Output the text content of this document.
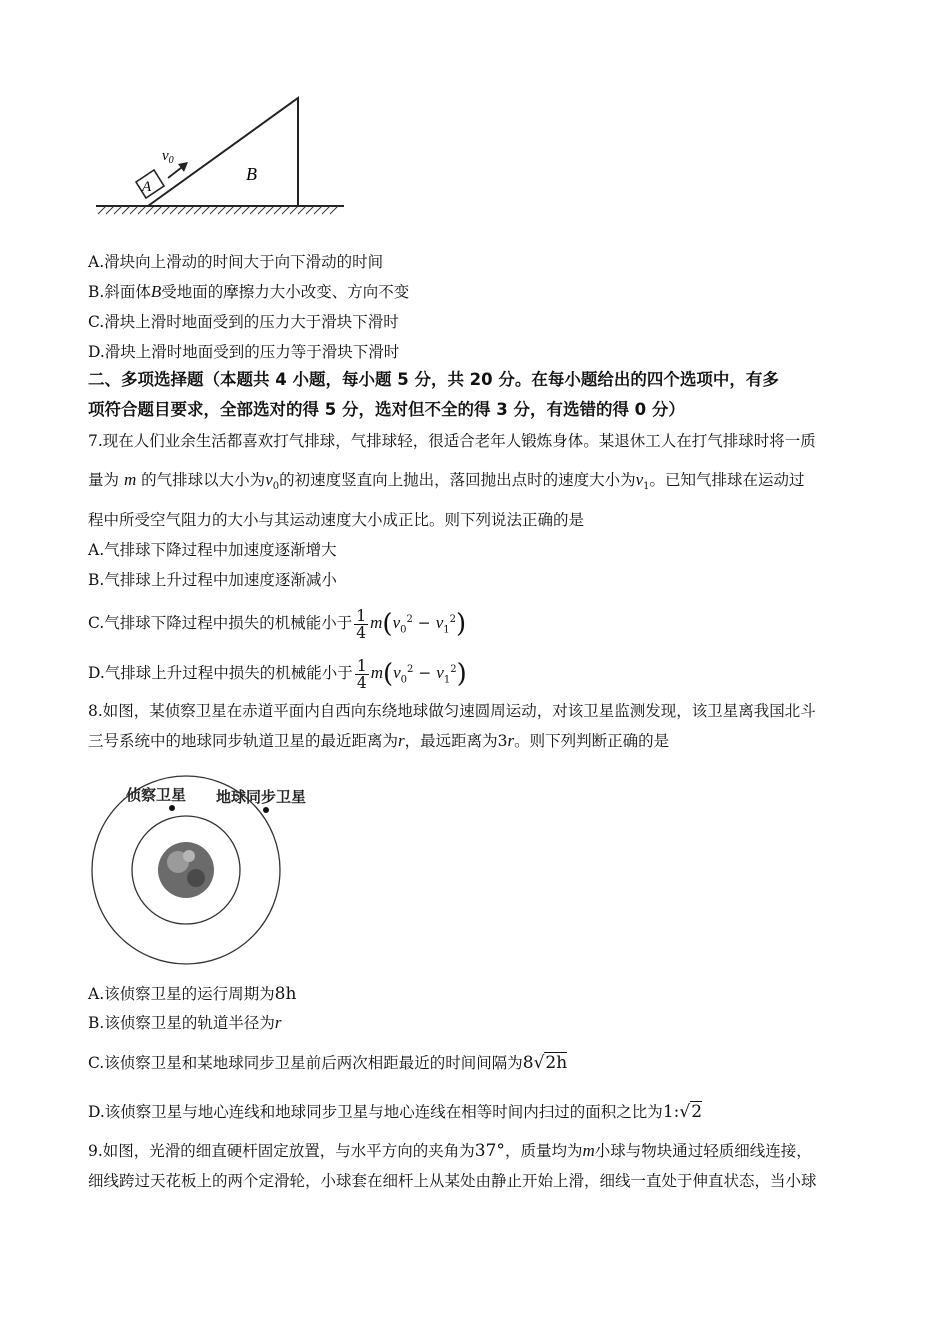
A
$v_0$
B
A.滑块向上滑动的时间大于向下滑动的时间
B.斜面体B受地面的摩擦力大小改变、方向不变
C.滑块上滑时地面受到的压力大于滑块下滑时
D.滑块上滑时地面受到的压力等于滑块下滑时
二、多项选择题（本题共 4 小题，每小题 5 分，共 20 分。在每小题给出的四个选项中，有多
项符合题目要求，全部选对的得 5 分，选对但不全的得 3 分，有选错的得 0 分）
7.现在人们业余生活都喜欢打气排球，气排球轻，很适合老年人锻炼身体。某退休工人在打气排球时将一质
量为 m 的气排球以大小为$v_0$的初速度竖直向上抛出，落回抛出点时的速度大小为$v_1$。已知气排球在运动过
程中所受空气阻力的大小与其运动速度大小成正比。则下列说法正确的是
A.气排球下降过程中加速度逐渐增大
B.气排球上升过程中加速度逐渐减小
C.气排球下降过程中损失的机械能小于 $\frac{1}{4} m(v_0^2 - v_1^2)$
D.气排球上升过程中损失的机械能小于 $\frac{1}{4} m(v_0^2 - v_1^2)$
8.如图，某侦察卫星在赤道平面内自西向东绕地球做匀速圆周运动，对该卫星监测发现，该卫星离我国北斗
三号系统中的地球同步轨道卫星的最近距离为r，最远距离为3r。则下列判断正确的是
侦察卫星 地球同步卫星
A.该侦察卫星的运行周期为8h
B.该侦察卫星的轨道半径为r
C.该侦察卫星和某地球同步卫星前后两次相距最近的时间间隔为8√2h
D.该侦察卫星与地心连线和地球同步卫星与地心连线在相等时间内扫过的面积之比为1:√2
9.如图，光滑的细直硬杆固定放置，与水平方向的夹角为37°，质量均为m小球与物块通过轻质细线连接，
细线跨过天花板上的两个定滑轮，小球套在细杆上从某处由静止开始上滑，细线一直处于伸直状态，当小球
